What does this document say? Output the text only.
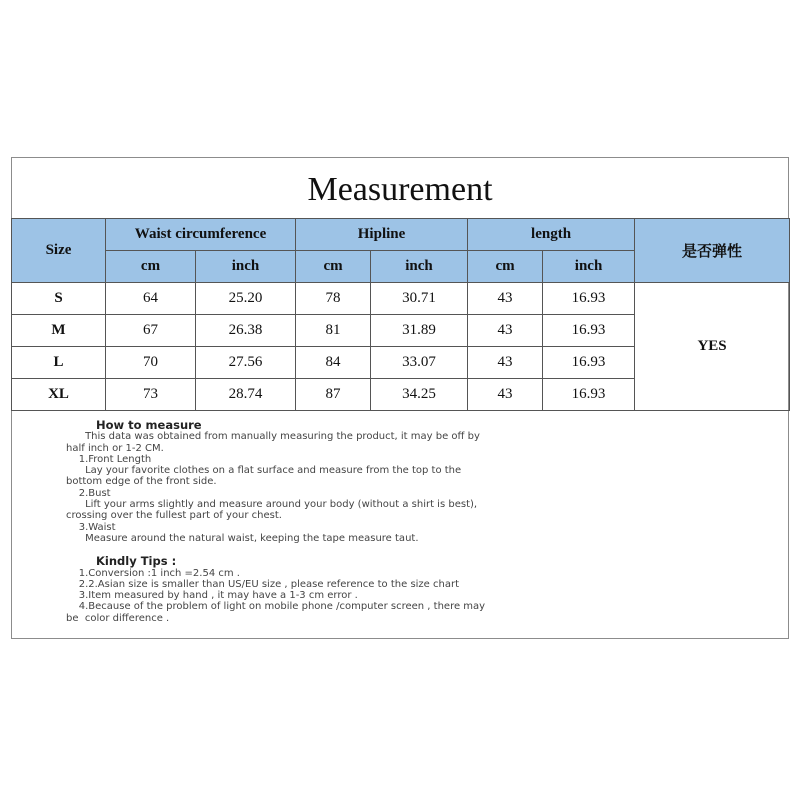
Measurement
Size	Waist circumference		Hipline		length		是否弹性
	cm	inch	cm	inch	cm	inch	
S	64	25.20	78	30.71	43	16.93	YES
M	67	26.38	81	31.89	43	16.93	
L	70	27.56	84	33.07	43	16.93	
XL	73	28.74	87	34.25	43	16.93	
How to measure
This data was obtained from manually measuring the product, it may be off by
half inch or 1-2 CM.
1.Front Length
Lay your favorite clothes on a flat surface and measure from the top to the
bottom edge of the front side.
2.Bust
Lift your arms slightly and measure around your body (without a shirt is best),
crossing over the fullest part of your chest.
3.Waist
Measure around the natural waist, keeping the tape measure taut.
Kindly Tips :
1.Conversion :1 inch =2.54 cm .
2.2.Asian size is smaller than US/EU size , please reference to the size chart
3.Item measured by hand , it may have a 1-3 cm error .
4.Because of the problem of light on mobile phone /computer screen , there may
be  color difference .
